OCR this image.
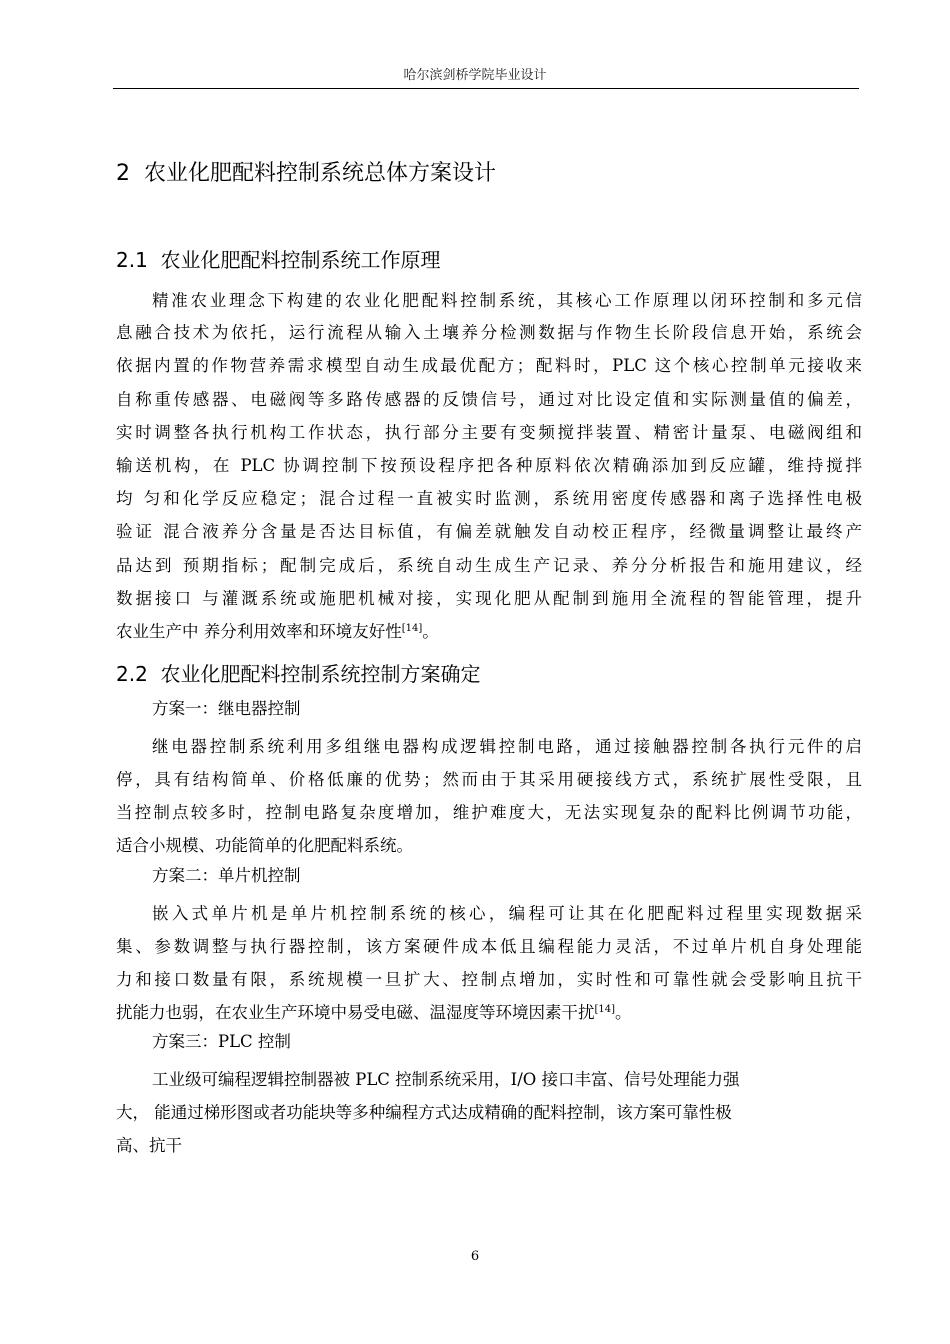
哈尔滨剑桥学院毕业设计
2  农业化肥配料控制系统总体方案设计
2.1  农业化肥配料控制系统工作原理
精准农业理念下构建的农业化肥配料控制系统，其核心工作原理以闭环控制和多元信
息融合技术为依托，运行流程从输入土壤养分检测数据与作物生长阶段信息开始，系统会
依据内置的作物营养需求模型自动生成最优配方；配料时，PLC 这个核心控制单元接收来
自称重传感器、电磁阀等多路传感器的反馈信号，通过对比设定值和实际测量值的偏差，
实时调整各执行机构工作状态，执行部分主要有变频搅拌装置、精密计量泵、电磁阀组和
输送机构，在 PLC 协调控制下按预设程序把各种原料依次精确添加到反应罐，维持搅拌
均 匀和化学反应稳定；混合过程一直被实时监测，系统用密度传感器和离子选择性电极
验证 混合液养分含量是否达目标值，有偏差就触发自动校正程序，经微量调整让最终产
品达到 预期指标；配制完成后，系统自动生成生产记录、养分分析报告和施用建议，经
数据接口 与灌溉系统或施肥机械对接，实现化肥从配制到施用全流程的智能管理，提升
农业生产中 养分利用效率和环境友好性[14]。
2.2  农业化肥配料控制系统控制方案确定
方案一：继电器控制
继电器控制系统利用多组继电器构成逻辑控制电路，通过接触器控制各执行元件的启
停，具有结构简单、价格低廉的优势；然而由于其采用硬接线方式，系统扩展性受限，且
当控制点较多时，控制电路复杂度增加，维护难度大，无法实现复杂的配料比例调节功能，
适合小规模、功能简单的化肥配料系统。
方案二：单片机控制
嵌入式单片机是单片机控制系统的核心，编程可让其在化肥配料过程里实现数据采
集、参数调整与执行器控制，该方案硬件成本低且编程能力灵活，不过单片机自身处理能
力和接口数量有限，系统规模一旦扩大、控制点增加，实时性和可靠性就会受影响且抗干
扰能力也弱，在农业生产环境中易受电磁、温湿度等环境因素干扰[14]。
方案三：PLC 控制
工业级可编程逻辑控制器被 PLC 控制系统采用，I/O 接口丰富、信号处理能力强
大， 能通过梯形图或者功能块等多种编程方式达成精确的配料控制，该方案可靠性极
高、抗干
6
